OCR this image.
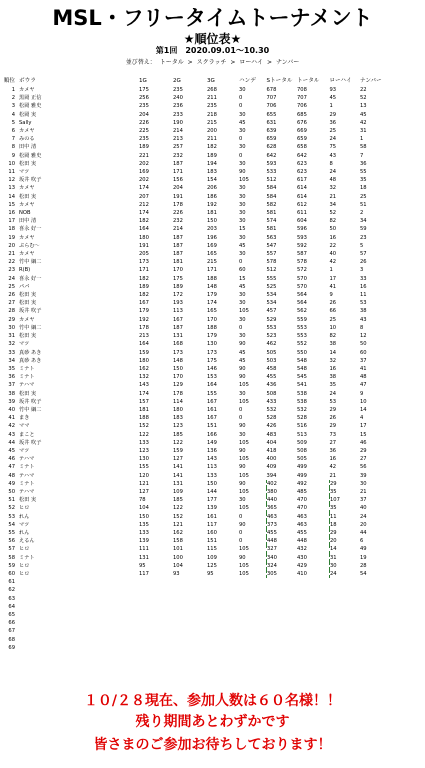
MSL・フリータイムトーナメント
★順位表★
第1回　2020.09.01～10.30
並び替え： トータル > スクラッチ > ローハイ > ナンバー
順位	ボウラ	1G	2G	3G	ハンデ	Sトータル	トータル	ローハイ	ナンバー
1	カメヤ	175	235	268	30	678	708	93	22
2	黒岡 正信	256	240	211	0	707	707	45	52
3	松岡 雅史	235	236	235	0	706	706	1	13
4	松岡 実	204	233	218	30	655	685	29	45
5	Sally	226	190	215	45	631	676	36	42
6	カメヤ	225	214	200	30	639	669	25	31
7	みのる	235	213	211	0	659	659	24	1
8	田中 清	189	257	182	30	628	658	75	58
9	松岡 雅史	221	232	189	0	642	642	43	7
10	松田 実	202	187	194	30	593	623	8	36
11	マツ	169	171	183	90	533	623	24	55
12	坂井 吹子	202	156	154	105	512	617	48	35
13	カメヤ	174	204	206	30	584	614	32	18
14	松田 実	207	191	186	30	584	614	21	25
15	カメヤ	212	178	192	30	582	612	34	51
16	NOB	174	226	181	30	581	611	52	2
17	田中 清	182	232	150	30	574	604	82	34
18	喜永 好一	164	214	203	15	581	596	50	59
19	カメヤ	180	187	196	30	563	593	16	23
20	ぷらむ〜	191	187	169	45	547	592	22	5
21	カメヤ	205	187	165	30	557	587	40	57
22	竹中 綱二	173	181	215	0	578	578	42	26
23	R(B)	171	170	171	60	512	572	1	3
24	喜永 好一	182	175	188	15	555	570	17	33
25	パパ	189	189	148	45	525	570	41	16
26	松田 実	182	172	179	30	534	564	9	11
27	松田 実	167	193	174	30	534	564	26	53
28	坂井 吹子	179	113	165	105	457	562	66	38
29	カメヤ	192	167	170	30	529	559	25	43
30	竹中 綱二	178	187	188	0	553	553	10	8
31	松田 実	213	131	179	30	523	553	82	12
32	マツ	164	168	130	90	462	552	38	50
33	真砂 あき	159	173	173	45	505	550	14	60
34	真砂 あき	180	148	175	45	503	548	32	37
35	ミナト	162	150	146	90	458	548	16	41
36	ミナト	132	170	153	90	455	545	38	48
37	テハマ	143	129	164	105	436	541	35	47
38	松田 実	174	178	155	30	508	538	24	9
39	坂井 吹子	157	114	167	105	433	538	53	10
40	竹中 綱二	181	180	161	0	532	532	29	14
41	まき	188	183	167	0	528	528	26	4
42	ママ	152	123	151	90	426	516	29	17
43	まこと	122	185	166	30	483	513	73	15
44	坂井 吹子	133	122	149	105	404	509	27	46
45	マツ	123	159	136	90	418	508	36	29
46	テハマ	130	127	143	105	400	505	16	27
47	ミナト	155	141	113	90	409	499	42	56
48	テハマ	120	141	133	105	394	499	21	39
49	ミナト	121	131	150	90	402	492	29	30
50	テハマ	127	109	144	105	380	485	35	21
51	松田 実	78	185	177	30	440	470	107	37
52	ヒロ	104	122	139	105	365	470	35	40
53	れん	150	152	161	0	463	463	11	24
54	マツ	135	121	117	90	373	463	18	20
55	れん	133	162	160	0	455	455	29	44
56	えるん	139	158	151	0	448	448	20	6
57	ヒロ	111	101	115	105	327	432	14	49
58	ミナト	131	100	109	90	340	430	31	19
59	ヒロ	95	104	125	105	324	429	30	28
60	ヒロ	117	93	95	105	305	410	24	54
61									
62									
63									
64									
65									
66									
67									
68									
69									
１０/２８現在、参加人数は６０名様！！
残り期間あとわずかです
皆さまのご参加お待ちしております！
